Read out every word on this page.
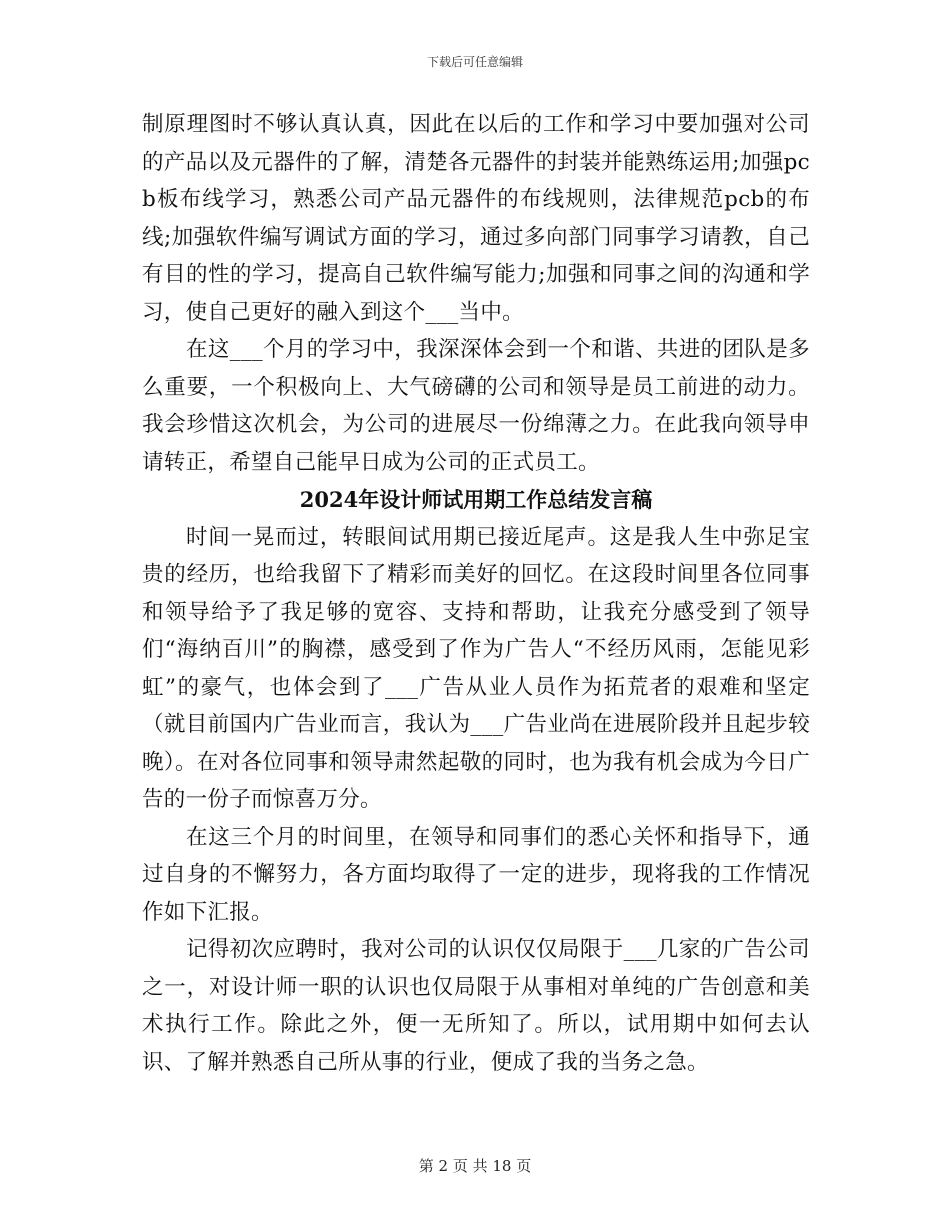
下载后可任意编辑

制原理图时不够认真认真，因此在以后的工作和学习中要加强对公司的产品以及元器件的了解，清楚各元器件的封装并能熟练运用;加强pcb板布线学习，熟悉公司产品元器件的布线规则，法律规范pcb的布线;加强软件编写调试方面的学习，通过多向部门同事学习请教，自己有目的性的学习，提高自己软件编写能力;加强和同事之间的沟通和学习，使自己更好的融入到这个___当中。

在这___个月的学习中，我深深体会到一个和谐、共进的团队是多么重要，一个积极向上、大气磅礴的公司和领导是员工前进的动力。我会珍惜这次机会，为公司的进展尽一份绵薄之力。在此我向领导申请转正，希望自己能早日成为公司的正式员工。

2024年设计师试用期工作总结发言稿

时间一晃而过，转眼间试用期已接近尾声。这是我人生中弥足宝贵的经历，也给我留下了精彩而美好的回忆。在这段时间里各位同事和领导给予了我足够的宽容、支持和帮助，让我充分感受到了领导们“海纳百川”的胸襟，感受到了作为广告人“不经历风雨，怎能见彩虹”的豪气，也体会到了___广告从业人员作为拓荒者的艰难和坚定（就目前国内广告业而言，我认为___广告业尚在进展阶段并且起步较晚）。在对各位同事和领导肃然起敬的同时，也为我有机会成为今日广告的一份子而惊喜万分。

在这三个月的时间里，在领导和同事们的悉心关怀和指导下，通过自身的不懈努力，各方面均取得了一定的进步，现将我的工作情况作如下汇报。

记得初次应聘时，我对公司的认识仅仅局限于___几家的广告公司之一，对设计师一职的认识也仅局限于从事相对单纯的广告创意和美术执行工作。除此之外，便一无所知了。所以，试用期中如何去认识、了解并熟悉自己所从事的行业，便成了我的当务之急。

第 2 页 共 18 页
